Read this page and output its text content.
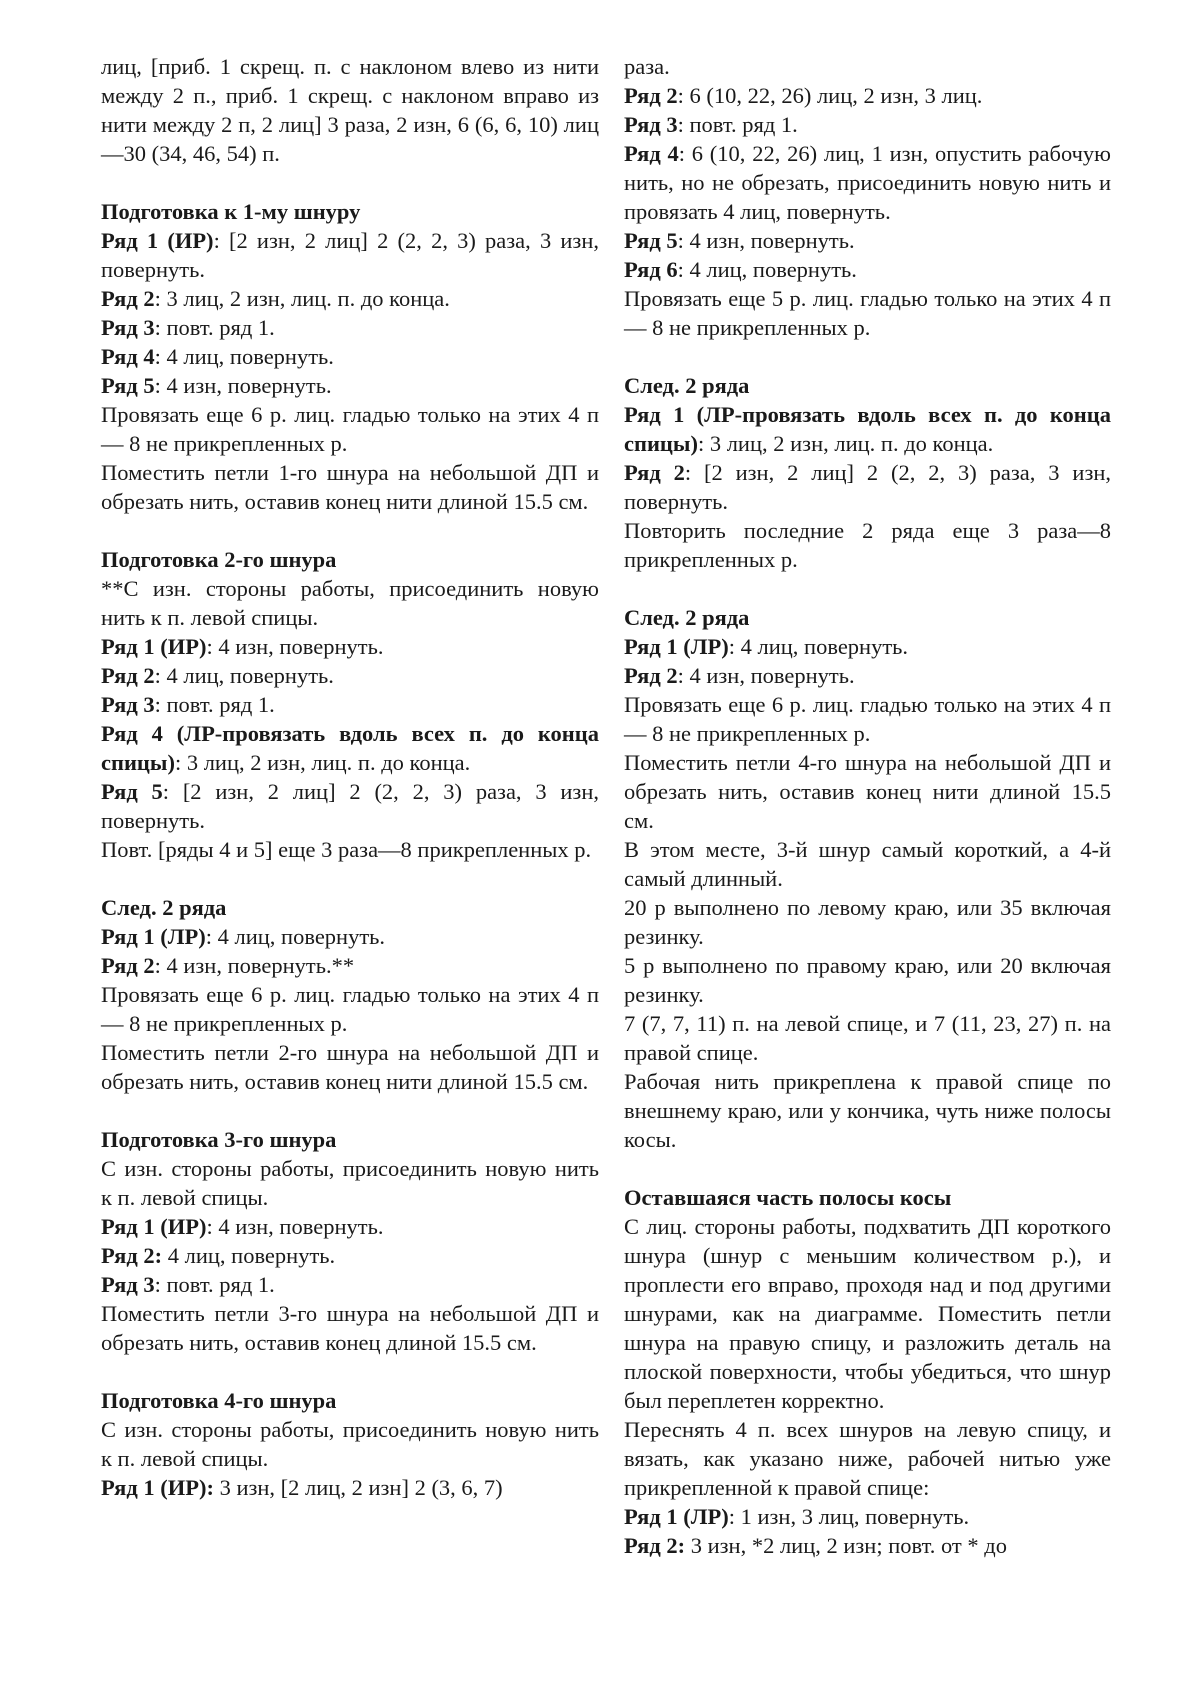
лиц, [приб. 1 скрещ. п. с наклоном влево из нити между 2 п., приб. 1 скрещ. с наклоном вправо из нити между 2 п, 2 лиц] 3 раза, 2 изн, 6 (6, 6, 10) лиц—30 (34, 46, 54) п.

Подготовка к 1-му шнуру

Ряд 1 (ИР): [2 изн, 2 лиц] 2 (2, 2, 3) раза, 3 изн, повернуть.

Ряд 2: 3 лиц, 2 изн, лиц. п. до конца.

Ряд 3: повт. ряд 1.

Ряд 4: 4 лиц, повернуть.

Ряд 5: 4 изн, повернуть.

Провязать еще 6 р. лиц. гладью только на этих 4 п— 8 не прикрепленных р.

Поместить петли 1-го шнура на небольшой ДП и обрезать нить, оставив конец нити длиной 15.5 см.

Подготовка 2-го шнура

**С изн. стороны работы, присоединить новую нить к п. левой спицы.

Ряд 1 (ИР): 4 изн, повернуть.

Ряд 2: 4 лиц, повернуть.

Ряд 3: повт. ряд 1.

Ряд 4 (ЛР-провязать вдоль всех п. до конца спицы): 3 лиц, 2 изн, лиц. п. до конца.

Ряд 5: [2 изн, 2 лиц] 2 (2, 2, 3) раза, 3 изн, повернуть.

Повт. [ряды 4 и 5] еще 3 раза—8 прикрепленных р.

След. 2 ряда

Ряд 1 (ЛР): 4 лиц, повернуть.

Ряд 2: 4 изн, повернуть.**

Провязать еще 6 р. лиц. гладью только на этих 4 п— 8 не прикрепленных р.

Поместить петли 2-го шнура на небольшой ДП и обрезать нить, оставив конец нити длиной 15.5 см.

Подготовка 3-го шнура

С изн. стороны работы, присоединить новую нить к п. левой спицы.

Ряд 1 (ИР): 4 изн, повернуть.

Ряд 2: 4 лиц, повернуть.

Ряд 3: повт. ряд 1.

Поместить петли 3-го шнура на небольшой ДП и обрезать нить, оставив конец длиной 15.5 см.

Подготовка 4-го шнура

С изн. стороны работы, присоединить новую нить к п. левой спицы.

Ряд 1 (ИР): 3 изн, [2 лиц, 2 изн] 2 (3, 6, 7)

раза.

Ряд 2: 6 (10, 22, 26) лиц, 2 изн, 3 лиц.

Ряд 3: повт. ряд 1.

Ряд 4: 6 (10, 22, 26) лиц, 1 изн, опустить рабочую нить, но не обрезать, присоединить новую нить и провязать 4 лиц, повернуть.

Ряд 5: 4 изн, повернуть.

Ряд 6: 4 лиц, повернуть.

Провязать еще 5 р. лиц. гладью только на этих 4 п— 8 не прикрепленных р.

След. 2 ряда

Ряд 1 (ЛР-провязать вдоль всех п. до конца спицы): 3 лиц, 2 изн, лиц. п. до конца.

Ряд 2: [2 изн, 2 лиц] 2 (2, 2, 3) раза, 3 изн, повернуть.

Повторить последние 2 ряда еще 3 раза—8 прикрепленных р.

След. 2 ряда

Ряд 1 (ЛР): 4 лиц, повернуть.

Ряд 2: 4 изн, повернуть.

Провязать еще 6 р. лиц. гладью только на этих 4 п— 8 не прикрепленных р.

Поместить петли 4-го шнура на небольшой ДП и обрезать нить, оставив конец нити длиной 15.5 см.

В этом месте, 3-й шнур самый короткий, а 4-й самый длинный.

20 р выполнено по левому краю, или 35 включая резинку.

5 р выполнено по правому краю, или 20 включая резинку.

7 (7, 7, 11) п. на левой спице, и 7 (11, 23, 27) п. на правой спице.

Рабочая нить прикреплена к правой спице по внешнему краю, или у кончика, чуть ниже полосы косы.

Оставшаяся часть полосы косы

С лиц. стороны работы, подхватить ДП короткого шнура (шнур с меньшим количеством р.), и проплести его вправо, проходя над и под другими шнурами, как на диаграмме. Поместить петли шнура на правую спицу, и разложить деталь на плоской поверхности, чтобы убедиться, что шнур был переплетен корректно.

Переснять 4 п. всех шнуров на левую спицу, и вязать, как указано ниже, рабочей нитью уже прикрепленной к правой спице:

Ряд 1 (ЛР): 1 изн, 3 лиц, повернуть.

Ряд 2: 3 изн, *2 лиц, 2 изн; повт. от * до
